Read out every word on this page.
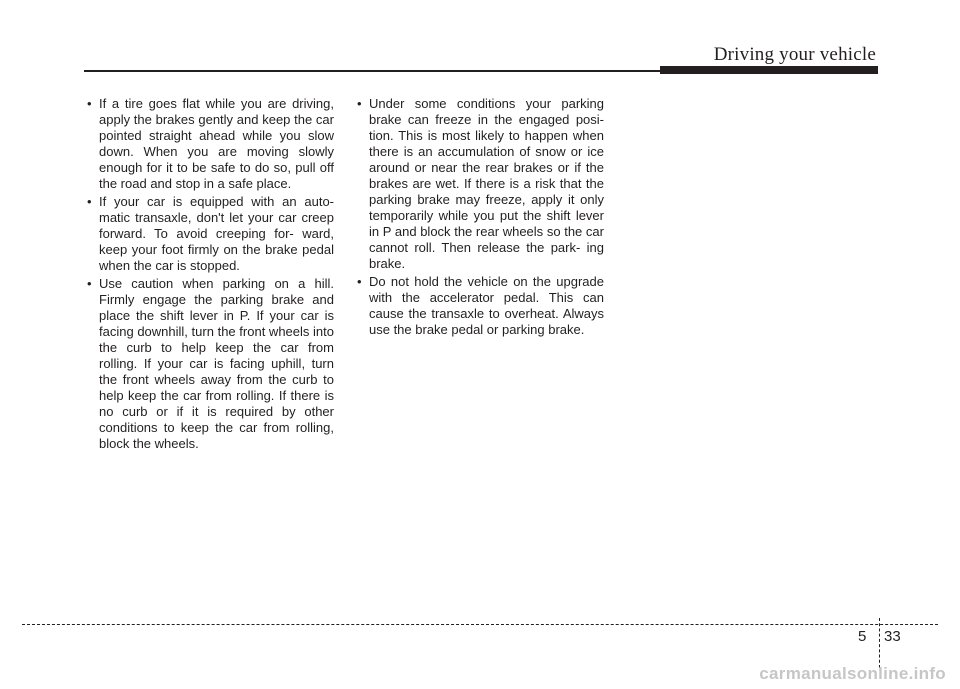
Driving your vehicle
• If a tire goes flat while you are driving, apply the brakes gently and keep the car pointed straight ahead while you slow down. When you are moving slowly enough for it to be safe to do so, pull off the road and stop in a safe place.
• If your car is equipped with an auto- matic transaxle, don't let your car creep forward. To avoid creeping for- ward, keep your foot firmly on the brake pedal when the car is stopped.
• Use caution when parking on a hill. Firmly engage the parking brake and place the shift lever in P. If your car is facing downhill, turn the front wheels into the curb to help keep the car from rolling. If your car is facing uphill, turn the front wheels away from the curb to help keep the car from rolling. If there is no curb or if it is required by other conditions to keep the car from rolling, block the wheels.
• Under some conditions your parking brake can freeze in the engaged posi- tion. This is most likely to happen when there is an accumulation of snow or ice around or near the rear brakes or if the brakes are wet. If there is a risk that the parking brake may freeze, apply it only temporarily while you put the shift lever in P and block the rear wheels so the car cannot roll. Then release the park- ing brake.
• Do not hold the vehicle on the upgrade with the accelerator pedal. This can cause the transaxle to overheat. Always use the brake pedal or parking brake.
5 33
carmanualsonline.info
